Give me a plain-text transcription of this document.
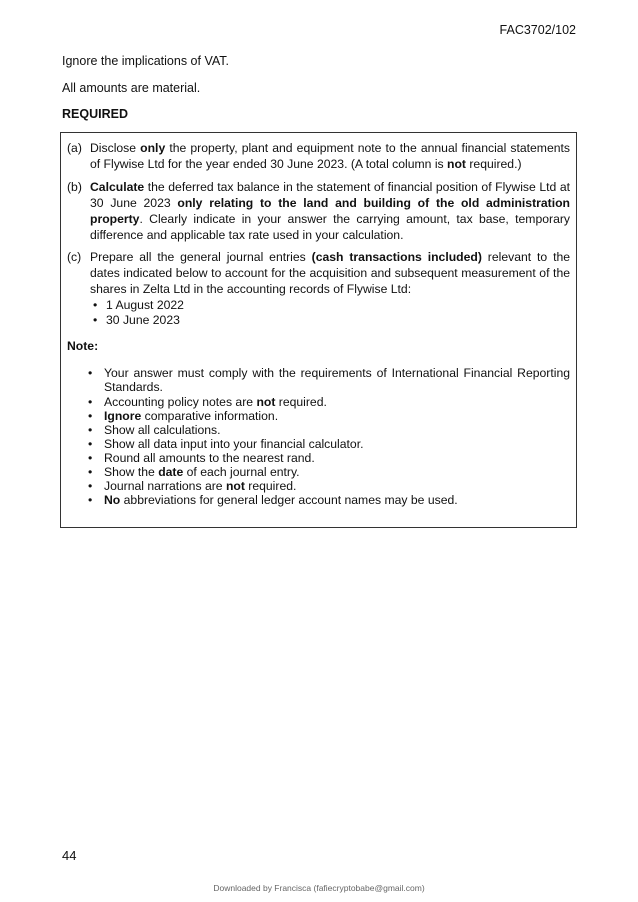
FAC3702/102
Ignore the implications of VAT.
All amounts are material.
REQUIRED
(a) Disclose only the property, plant and equipment note to the annual financial statements of Flywise Ltd for the year ended 30 June 2023. (A total column is not required.)
(b) Calculate the deferred tax balance in the statement of financial position of Flywise Ltd at 30 June 2023 only relating to the land and building of the old administration property. Clearly indicate in your answer the carrying amount, tax base, temporary difference and applicable tax rate used in your calculation.
(c) Prepare all the general journal entries (cash transactions included) relevant to the dates indicated below to account for the acquisition and subsequent measurement of the shares in Zelta Ltd in the accounting records of Flywise Ltd:
• 1 August 2022
• 30 June 2023
Note:
• Your answer must comply with the requirements of International Financial Reporting Standards.
• Accounting policy notes are not required.
• Ignore comparative information.
• Show all calculations.
• Show all data input into your financial calculator.
• Round all amounts to the nearest rand.
• Show the date of each journal entry.
• Journal narrations are not required.
• No abbreviations for general ledger account names may be used.
44
Downloaded by Francisca (fafiecryptobabe@gmail.com)
